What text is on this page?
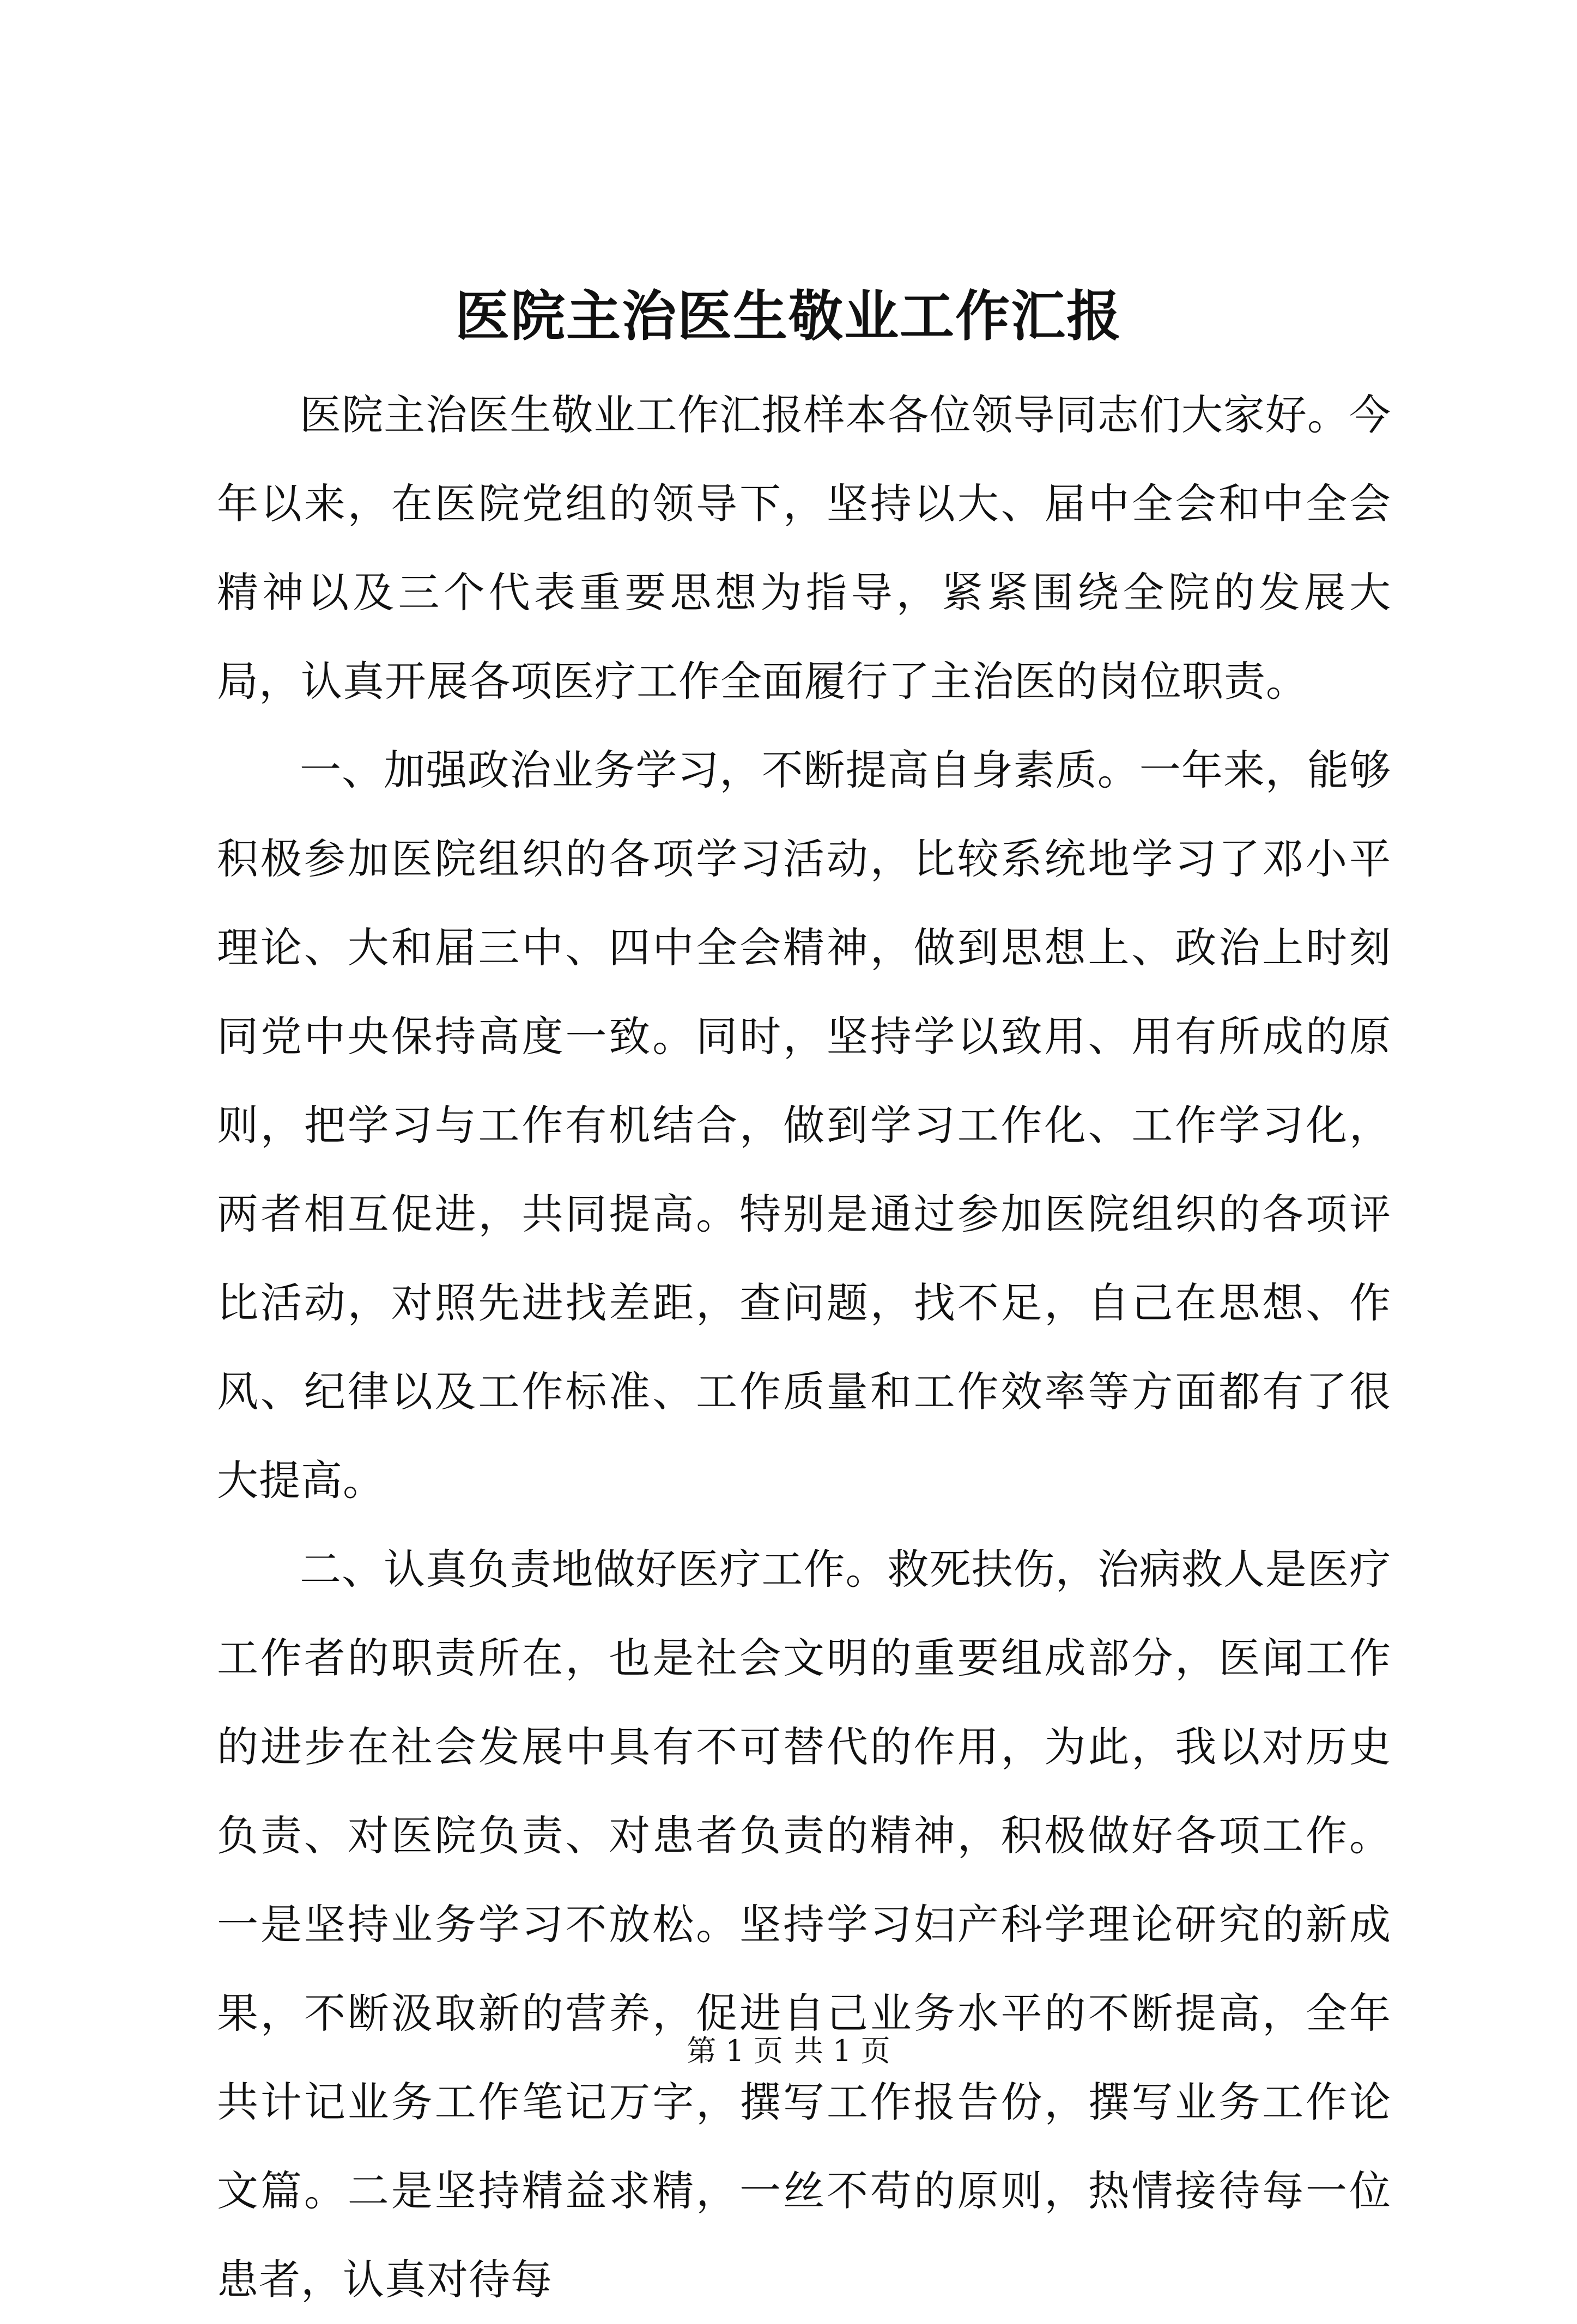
医院主治医生敬业工作汇报

医院主治医生敬业工作汇报样本各位领导同志们大家好。今年以来，在医院党组的领导下，坚持以大、届中全会和中全会精神以及三个代表重要思想为指导，紧紧围绕全院的发展大局，认真开展各项医疗工作全面履行了主治医的岗位职责。

一、加强政治业务学习，不断提高自身素质。一年来，能够积极参加医院组织的各项学习活动，比较系统地学习了邓小平理论、大和届三中、四中全会精神，做到思想上、政治上时刻同党中央保持高度一致。同时，坚持学以致用、用有所成的原则，把学习与工作有机结合，做到学习工作化、工作学习化，两者相互促进，共同提高。特别是通过参加医院组织的各项评比活动，对照先进找差距，查问题，找不足，自己在思想、作风、纪律以及工作标准、工作质量和工作效率等方面都有了很大提高。

二、认真负责地做好医疗工作。救死扶伤，治病救人是医疗工作者的职责所在，也是社会文明的重要组成部分，医闻工作的进步在社会发展中具有不可替代的作用，为此，我以对历史负责、对医院负责、对患者负责的精神，积极做好各项工作。一是坚持业务学习不放松。坚持学习妇产科学理论研究的新成果，不断汲取新的营养，促进自己业务水平的不断提高，全年共计记业务工作笔记万字，撰写工作报告份，撰写业务工作论文篇。二是坚持精益求精，一丝不苟的原则，热情接待每一位患者，认真对待每

第 1 页 共 1 页
